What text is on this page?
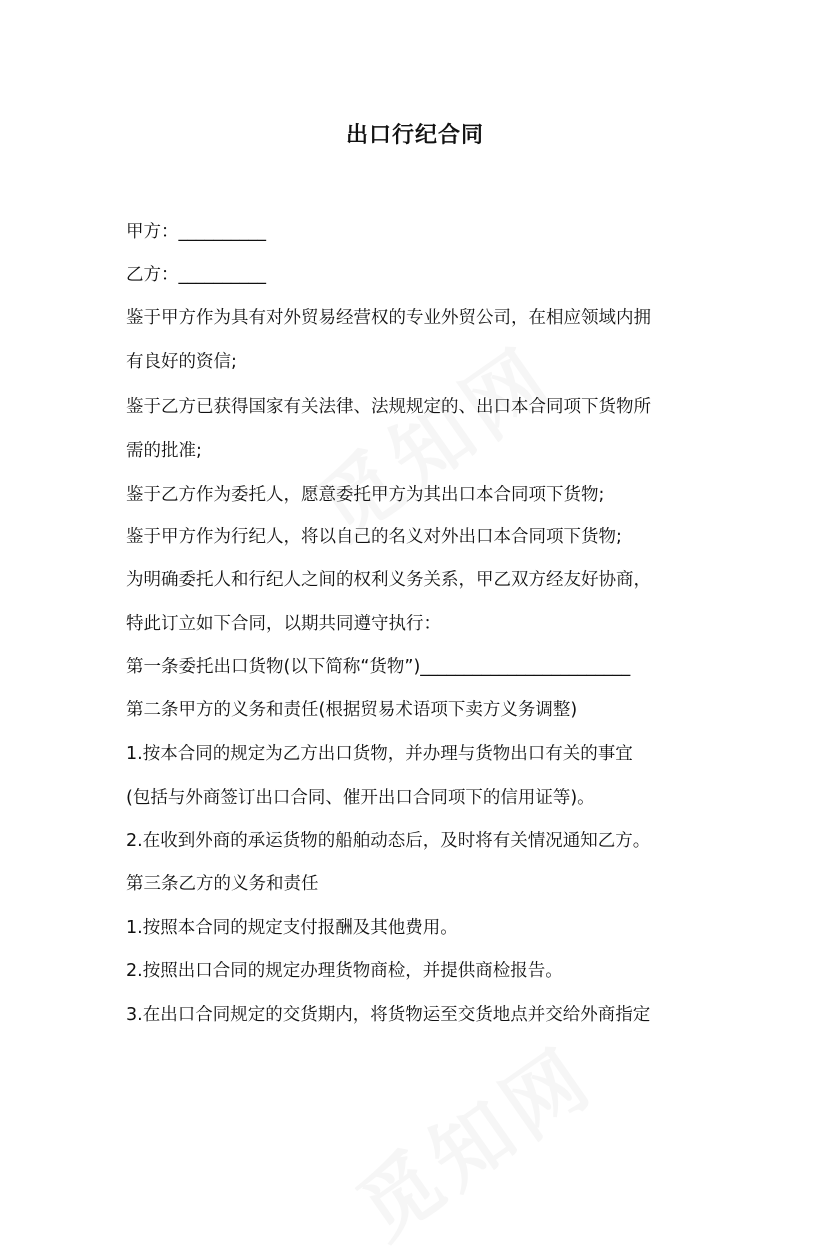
出口行纪合同
甲方：__________
乙方：__________
鉴于甲方作为具有对外贸易经营权的专业外贸公司，在相应领域内拥
有良好的资信;
鉴于乙方已获得国家有关法律、法规规定的、出口本合同项下货物所
需的批准;
鉴于乙方作为委托人，愿意委托甲方为其出口本合同项下货物;
鉴于甲方作为行纪人，将以自己的名义对外出口本合同项下货物;
为明确委托人和行纪人之间的权利义务关系，甲乙双方经友好协商，
特此订立如下合同，以期共同遵守执行：
第一条委托出口货物(以下简称“货物”)________________________
第二条甲方的义务和责任(根据贸易术语项下卖方义务调整)
1.按本合同的规定为乙方出口货物，并办理与货物出口有关的事宜
(包括与外商签订出口合同、催开出口合同项下的信用证等)。
2.在收到外商的承运货物的船舶动态后，及时将有关情况通知乙方。
第三条乙方的义务和责任
1.按照本合同的规定支付报酬及其他费用。
2.按照出口合同的规定办理货物商检，并提供商检报告。
3.在出口合同规定的交货期内，将货物运至交货地点并交给外商指定
